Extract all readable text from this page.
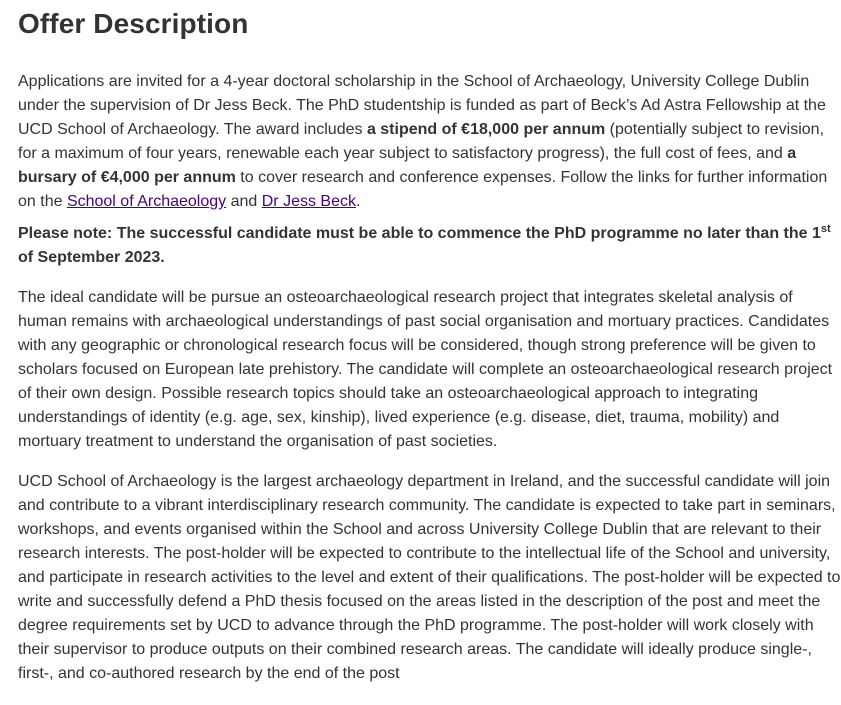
Offer Description

Applications are invited for a 4-year doctoral scholarship in the School of Archaeology, University College Dublin under the supervision of Dr Jess Beck. The PhD studentship is funded as part of Beck’s Ad Astra Fellowship at the UCD School of Archaeology. The award includes a stipend of €18,000 per annum (potentially subject to revision, for a maximum of four years, renewable each year subject to satisfactory progress), the full cost of fees, and a bursary of €4,000 per annum to cover research and conference expenses. Follow the links for further information on the School of Archaeology and Dr Jess Beck.

Please note: The successful candidate must be able to commence the PhD programme no later than the 1st of September 2023.

The ideal candidate will be pursue an osteoarchaeological research project that integrates skeletal analysis of human remains with archaeological understandings of past social organisation and mortuary practices. Candidates with any geographic or chronological research focus will be considered, though strong preference will be given to scholars focused on European late prehistory. The candidate will complete an osteoarchaeological research project of their own design. Possible research topics should take an osteoarchaeological approach to integrating understandings of identity (e.g. age, sex, kinship), lived experience (e.g. disease, diet, trauma, mobility) and mortuary treatment to understand the organisation of past societies.

UCD School of Archaeology is the largest archaeology department in Ireland, and the successful candidate will join and contribute to a vibrant interdisciplinary research community. The candidate is expected to take part in seminars, workshops, and events organised within the School and across University College Dublin that are relevant to their research interests. The post-holder will be expected to contribute to the intellectual life of the School and university, and participate in research activities to the level and extent of their qualifications. The post-holder will be expected to write and successfully defend a PhD thesis focused on the areas listed in the description of the post and meet the degree requirements set by UCD to advance through the PhD programme. The post-holder will work closely with their supervisor to produce outputs on their combined research areas. The candidate will ideally produce single-, first-, and co-authored research by the end of the post
